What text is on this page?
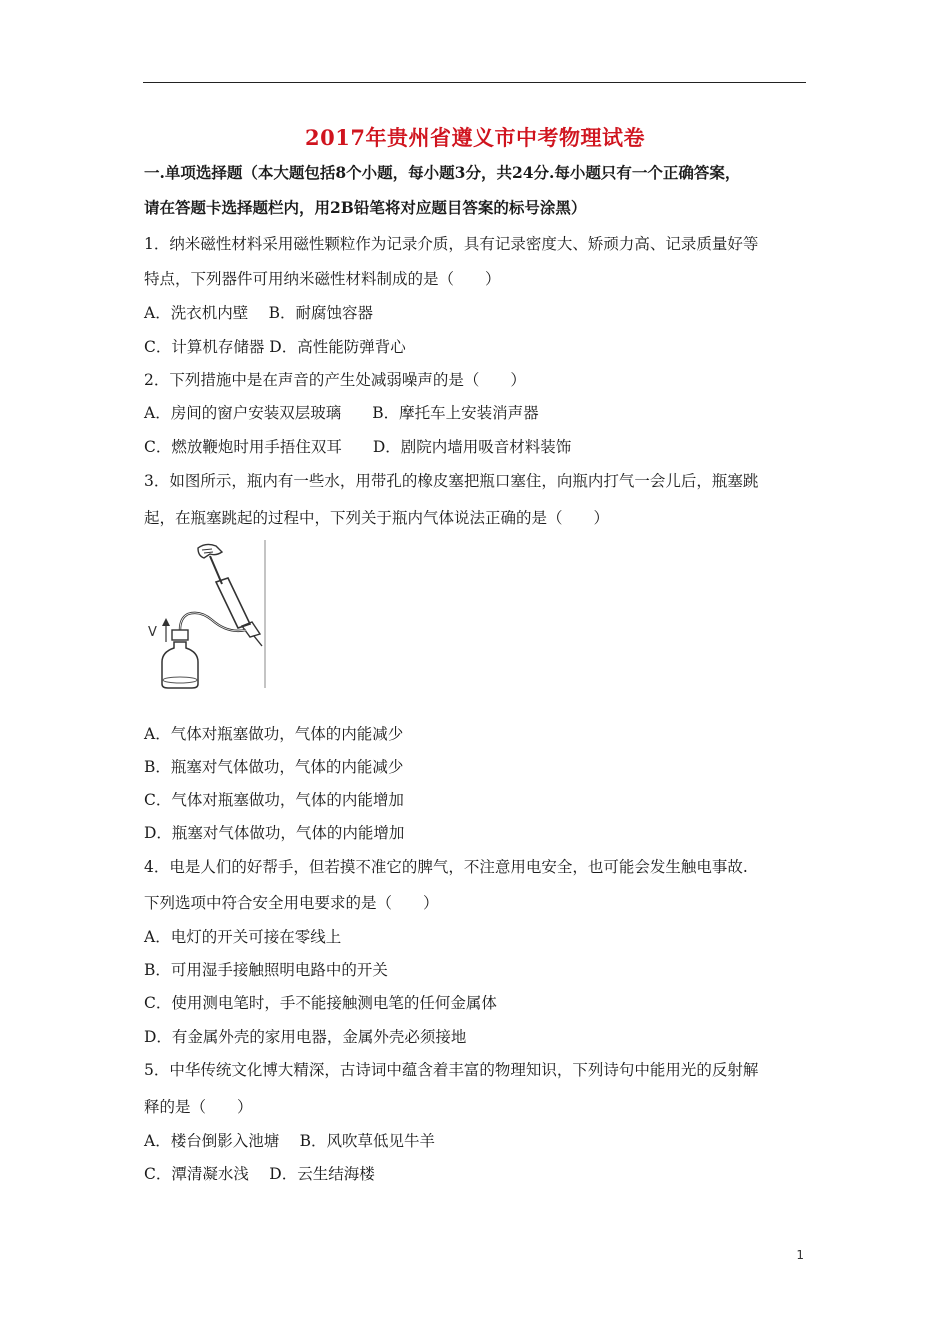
2017年贵州省遵义市中考物理试卷
一.单项选择题（本大题包括8个小题，每小题3分，共24分.每小题只有一个正确答案，
请在答题卡选择题栏内，用2B铅笔将对应题目答案的标号涂黑）
1．纳米磁性材料采用磁性颗粒作为记录介质，具有记录密度大、矫顽力高、记录质量好等
特点，下列器件可用纳米磁性材料制成的是（　　）
A．洗衣机内壁　 B．耐腐蚀容器
C．计算机存储器 D．高性能防弹背心
2．下列措施中是在声音的产生处减弱噪声的是（　　）
A．房间的窗户安装双层玻璃　　B．摩托车上安装消声器
C．燃放鞭炮时用手捂住双耳　　D．剧院内墙用吸音材料装饰
3．如图所示，瓶内有一些水，用带孔的橡皮塞把瓶口塞住，向瓶内打气一会儿后，瓶塞跳
起，在瓶塞跳起的过程中，下列关于瓶内气体说法正确的是（　　）
V
A．气体对瓶塞做功，气体的内能减少
B．瓶塞对气体做功，气体的内能减少
C．气体对瓶塞做功，气体的内能增加
D．瓶塞对气体做功，气体的内能增加
4．电是人们的好帮手，但若摸不准它的脾气，不注意用电安全，也可能会发生触电事故.
下列选项中符合安全用电要求的是（　　）
A．电灯的开关可接在零线上
B．可用湿手接触照明电路中的开关
C．使用测电笔时，手不能接触测电笔的任何金属体
D．有金属外壳的家用电器，金属外壳必须接地
5．中华传统文化博大精深，古诗词中蕴含着丰富的物理知识，下列诗句中能用光的反射解
释的是（　　）
A．楼台倒影入池塘　 B．风吹草低见牛羊
C．潭清凝水浅　 D．云生结海楼
1
